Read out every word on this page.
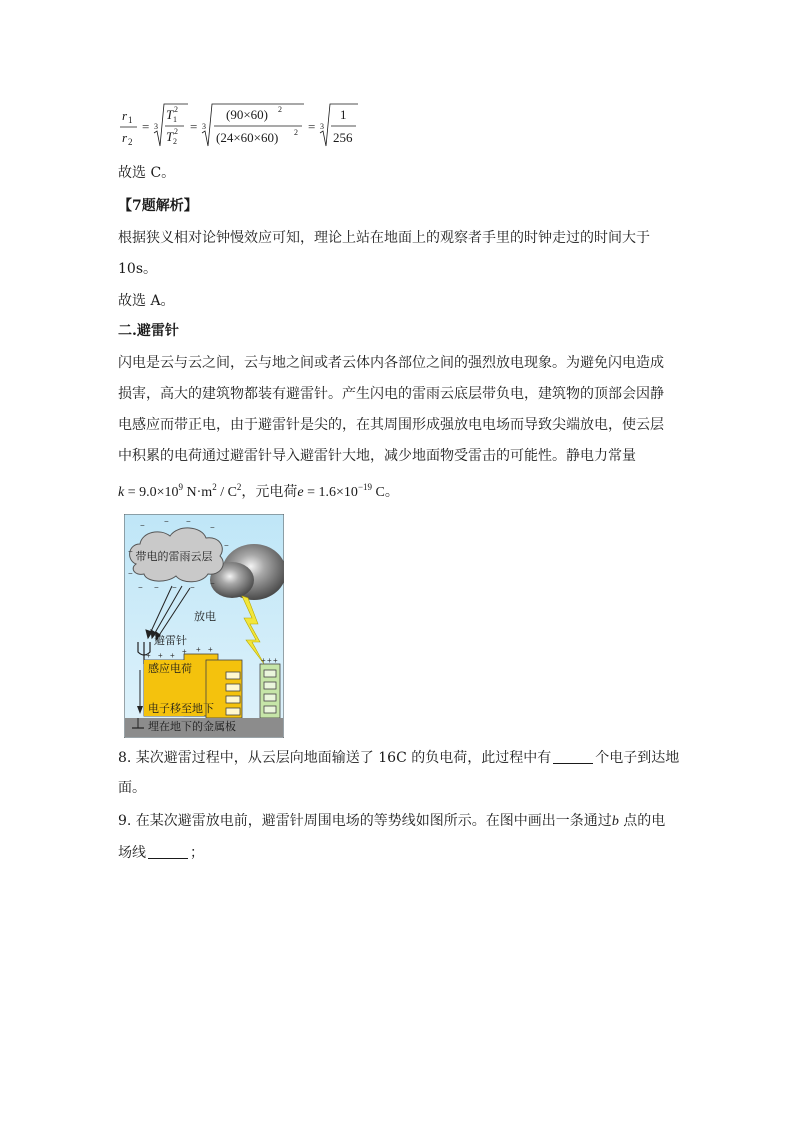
r 1
r 2
= 3
T 1
2
T 2
2 = 3
(90×60) 2
(24×60×60) 2 = 3
1
256
故选 C。
【7题解析】
根据狭义相对论钟慢效应可知，理论上站在地面上的观察者手里的时钟走过的时间大于
10s。
故选 A。
二.避雷针
闪电是云与云之间，云与地之间或者云体内各部位之间的强烈放电现象。为避免闪电造成
损害，高大的建筑物都装有避雷针。产生闪电的雷雨云底层带负电，建筑物的顶部会因静
电感应而带正电，由于避雷针是尖的，在其周围形成强放电电场而导致尖端放电，使云层
中积累的电荷通过避雷针导入避雷针大地，减少地面物受雷击的可能性。静电力常量
$k = 9.0\times 10^9$ $N\cdot m^2 / C^2$，元电荷$e = 1.6\times 10^{-19}$ C。
− − −
−
−
−
−
− − − − −
带电的雷雨云层
放电
避雷针
+ + + + + +
感应电荷
电子移至地下
+ + +
埋在地下的金属板
8. 某次避雷过程中，从云层向地面输送了 16C 的负电荷，此过程中有	个电子到达地
面。
9. 在某次避雷放电前，避雷针周围电场的等势线如图所示。在图中画出一条通过b 点的电
场线	；
